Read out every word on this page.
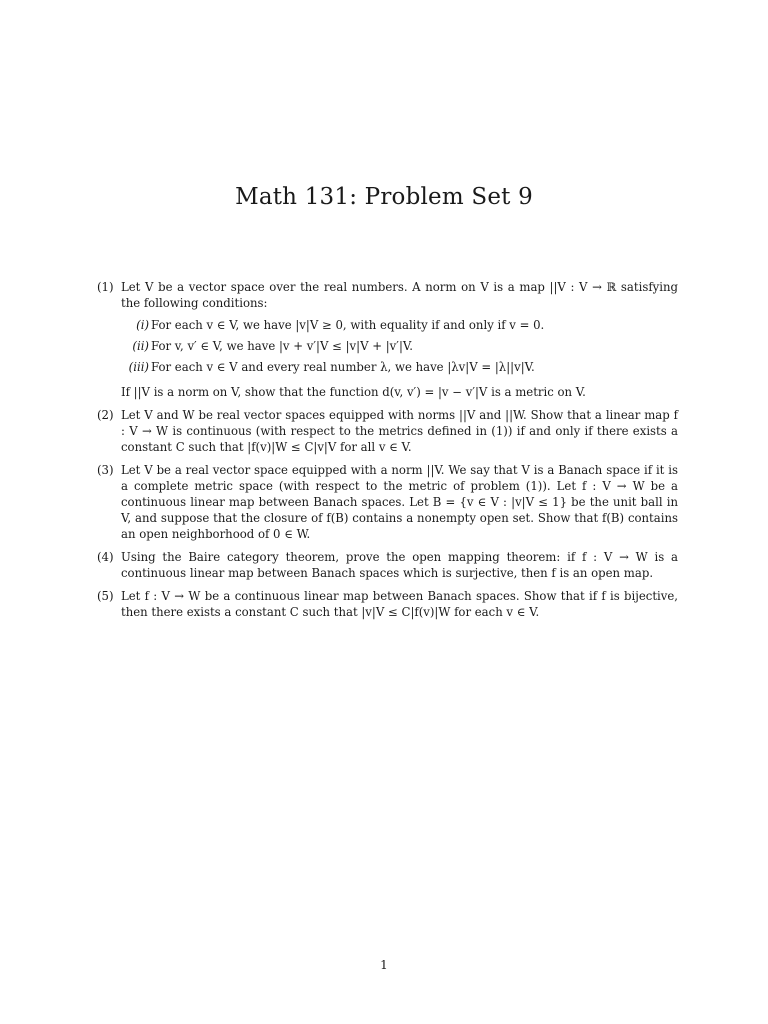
Math 131: Problem Set 9
(1) Let V be a vector space over the real numbers. A norm on V is a map ||V : V → ℝ satisfying the following conditions:

(i) For each v ∈ V, we have |v|V ≥ 0, with equality if and only if v = 0.
(ii) For v, v′ ∈ V, we have |v + v′|V ≤ |v|V + |v′|V.
(iii) For each v ∈ V and every real number λ, we have |λv|V = |λ||v|V.

If ||V is a norm on V, show that the function d(v, v′) = |v − v′|V is a metric on V.

(2) Let V and W be real vector spaces equipped with norms ||V and ||W. Show that a linear map f : V → W is continuous (with respect to the metrics defined in (1)) if and only if there exists a constant C such that |f(v)|W ≤ C|v|V for all v ∈ V.

(3) Let V be a real vector space equipped with a norm ||V. We say that V is a Banach space if it is a complete metric space (with respect to the metric of problem (1)). Let f : V → W be a continuous linear map between Banach spaces. Let B = {v ∈ V : |v|V ≤ 1} be the unit ball in V, and suppose that the closure of f(B) contains a nonempty open set. Show that f(B) contains an open neighborhood of 0 ∈ W.

(4) Using the Baire category theorem, prove the open mapping theorem: if f : V → W is a continuous linear map between Banach spaces which is surjective, then f is an open map.

(5) Let f : V → W be a continuous linear map between Banach spaces. Show that if f is bijective, then there exists a constant C such that |v|V ≤ C|f(v)|W for each v ∈ V.

1
